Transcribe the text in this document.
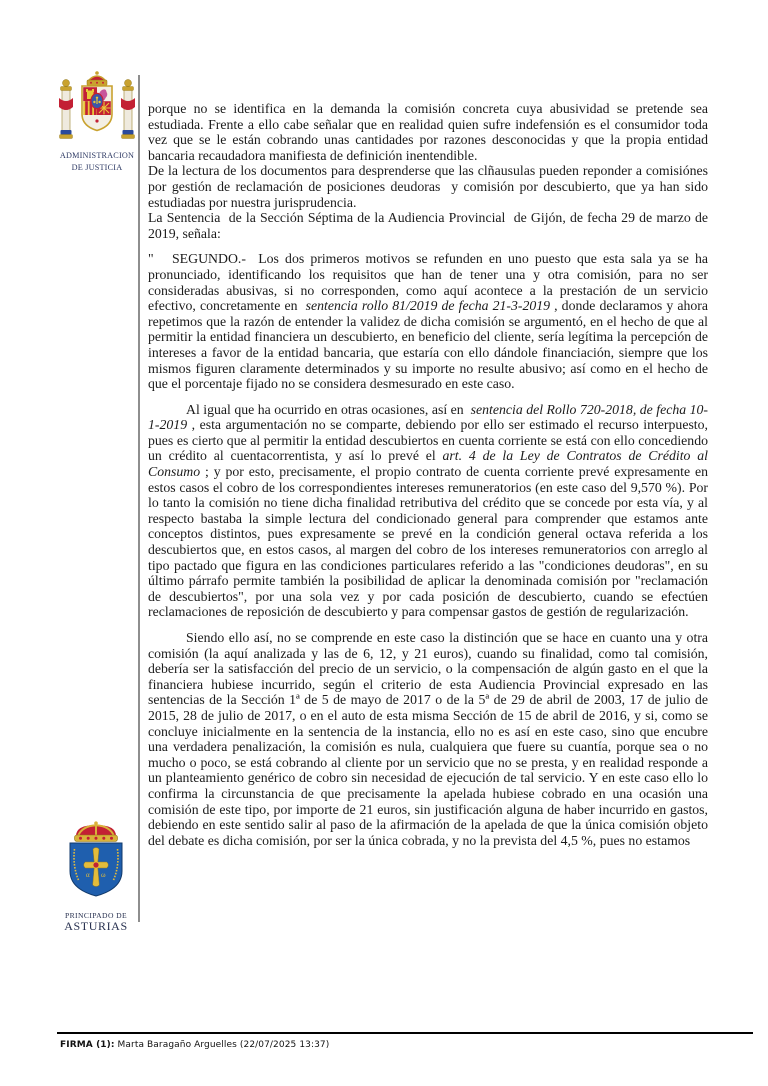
ADMINISTRACION
DE JUSTICIA

porque no se identifica en la demanda la comisión concreta cuya abusividad se pretende sea estudiada. Frente a ello cabe señalar que en realidad quien sufre indefensión es el consumidor toda vez que se le están cobrando unas cantidades por razones desconocidas y que la propia entidad bancaria recaudadora manifiesta de definición inentendible.

De la lectura de los documentos para desprenderse que las clñausulas pueden reponder a comisiónes por gestión de reclamación de posiciones deudoras  y comisión por descubierto, que ya han sido estudiadas por nuestra jurisprudencia.

La Sentencia  de la Sección Séptima de la Audiencia Provincial  de Gijón, de fecha 29 de marzo de 2019, señala:

"   SEGUNDO.-  Los dos primeros motivos se refunden en uno puesto que esta sala ya se ha pronunciado, identificando los requisitos que han de tener una y otra comisión, para no ser consideradas abusivas, si no corresponden, como aquí acontece a la prestación de un servicio efectivo, concretamente en  sentencia rollo 81/2019 de fecha 21-3-2019 , donde declaramos y ahora repetimos que la razón de entender la validez de dicha comisión se argumentó, en el hecho de que al permitir la entidad financiera un descubierto, en beneficio del cliente, sería legítima la percepción de intereses a favor de la entidad bancaria, que estaría con ello dándole financiación, siempre que los mismos figuren claramente determinados y su importe no resulte abusivo; así como en el hecho de que el porcentaje fijado no se considera desmesurado en este caso.

Al igual que ha ocurrido en otras ocasiones, así en  sentencia del Rollo 720-2018, de fecha 10-1-2019 , esta argumentación no se comparte, debiendo por ello ser estimado el recurso interpuesto, pues es cierto que al permitir la entidad descubiertos en cuenta corriente se está con ello concediendo un crédito al cuentacorrentista, y así lo prevé el art. 4 de la Ley de Contratos de Crédito al Consumo ; y por esto, precisamente, el propio contrato de cuenta corriente prevé expresamente en estos casos el cobro de los correspondientes intereses remuneratorios (en este caso del 9,570 %). Por lo tanto la comisión no tiene dicha finalidad retributiva del crédito que se concede por esta vía, y al respecto bastaba la simple lectura del condicionado general para comprender que estamos ante conceptos distintos, pues expresamente se prevé en la condición general octava referida a los descubiertos que, en estos casos, al margen del cobro de los intereses remuneratorios con arreglo al tipo pactado que figura en las condiciones particulares referido a las "condiciones deudoras", en su último párrafo permite también la posibilidad de aplicar la denominada comisión por "reclamación de descubiertos", por una sola vez y por cada posición de descubierto, cuando se efectúen reclamaciones de reposición de descubierto y para compensar gastos de gestión de regularización.

Siendo ello así, no se comprende en este caso la distinción que se hace en cuanto una y otra comisión (la aquí analizada y las de 6, 12, y 21 euros), cuando su finalidad, como tal comisión, debería ser la satisfacción del precio de un servicio, o la compensación de algún gasto en el que la financiera hubiese incurrido, según el criterio de esta Audiencia Provincial expresado en las sentencias de la Sección 1ª de 5 de mayo de 2017 o de la 5ª de 29 de abril de 2003, 17 de julio de 2015, 28 de julio de 2017, o en el auto de esta misma Sección de 15 de abril de 2016, y si, como se concluye inicialmente en la sentencia de la instancia, ello no es así en este caso, sino que encubre una verdadera penalización, la comisión es nula, cualquiera que fuere su cuantía, porque sea o no mucho o poco, se está cobrando al cliente por un servicio que no se presta, y en realidad responde a un planteamiento genérico de cobro sin necesidad de ejecución de tal servicio. Y en este caso ello lo confirma la circunstancia de que precisamente la apelada hubiese cobrado en una ocasión una comisión de este tipo, por importe de 21 euros, sin justificación alguna de haber incurrido en gastos, debiendo en este sentido salir al paso de la afirmación de la apelada de que la única comisión objeto del debate es dicha comisión, por ser la única cobrada, y no la prevista del 4,5 %, pues no estamos

α ω
PRINCIPADO DE
ASTURIAS
FIRMA (1): Marta Baragaño Arguelles (22/07/2025 13:37)
